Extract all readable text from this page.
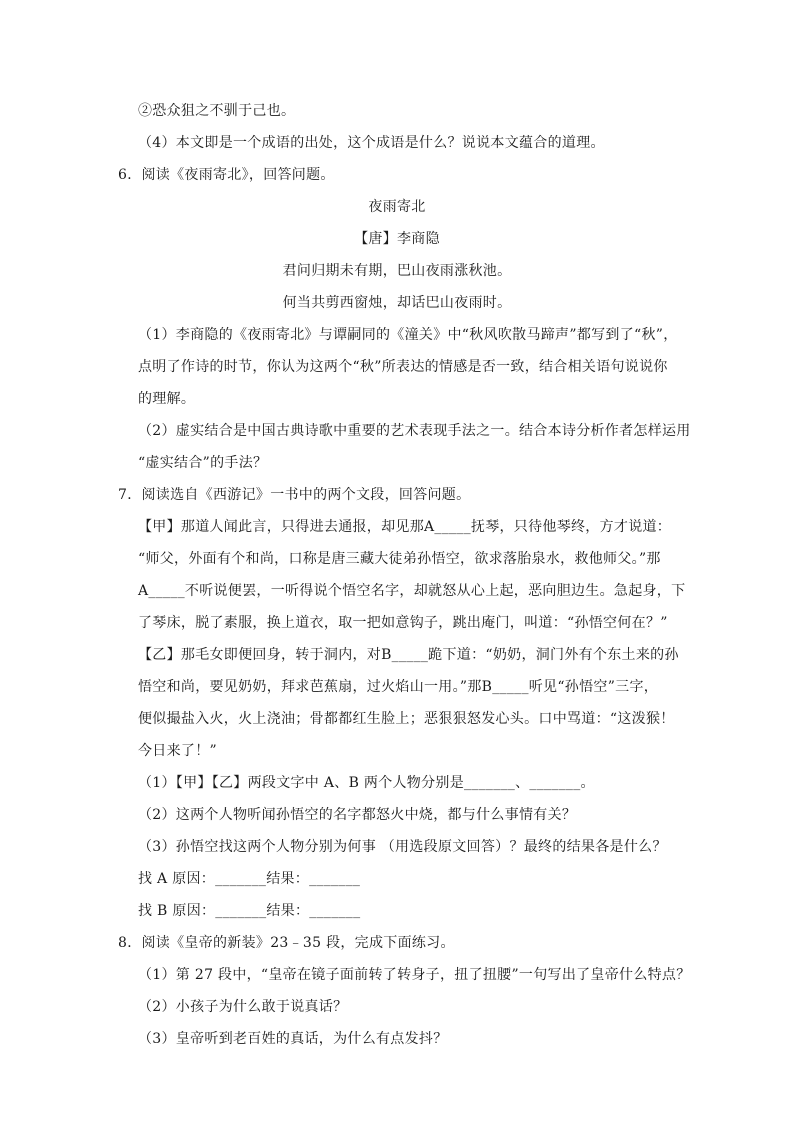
②恐众狙之不驯于己也。
（4）本文即是一个成语的出处，这个成语是什么？说说本文蕴合的道理。
6．阅读《夜雨寄北》，回答问题。
夜雨寄北
【唐】李商隐
君问归期未有期，巴山夜雨涨秋池。
何当共剪西窗烛，却话巴山夜雨时。
（1）李商隐的《夜雨寄北》与谭嗣同的《潼关》中“秋风吹散马蹄声”都写到了“秋”，
点明了作诗的时节，你认为这两个“秋”所表达的情感是否一致，结合相关语句说说你
的理解。
（2）虚实结合是中国古典诗歌中重要的艺术表现手法之一。结合本诗分析作者怎样运用
“虚实结合”的手法？
7．阅读选自《西游记》一书中的两个文段，回答问题。
【甲】那道人闻此言，只得进去通报，却见那A_____抚琴，只待他琴终，方才说道：
“师父，外面有个和尚，口称是唐三藏大徒弟孙悟空，欲求落胎泉水，救他师父。”那
A_____不听说便罢，一听得说个悟空名字，却就怒从心上起，恶向胆边生。急起身，下
了琴床，脱了素服，换上道衣，取一把如意钩子，跳出庵门，叫道：“孙悟空何在？”
【乙】那毛女即便回身，转于洞内，对B_____跪下道：“奶奶，洞门外有个东土来的孙
悟空和尚，要见奶奶，拜求芭蕉扇，过火焰山一用。”那B_____听见“孙悟空”三字，
便似撮盐入火，火上浇油；骨都都红生脸上；恶狠狠怒发心头。口中骂道：“这泼猴！
今日来了！”
（1）【甲】【乙】两段文字中 A、B 两个人物分别是_______、_______。
（2）这两个人物听闻孙悟空的名字都怒火中烧，都与什么事情有关？
（3）孙悟空找这两个人物分别为何事 （用选段原文回答）？最终的结果各是什么？
找 A 原因：_______结果：_______
找 B 原因：_______结果：_______
8．阅读《皇帝的新装》23﹣35 段，完成下面练习。
（1）第 27 段中，“皇帝在镜子面前转了转身子，扭了扭腰”一句写出了皇帝什么特点？
（2）小孩子为什么敢于说真话？
（3）皇帝听到老百姓的真话，为什么有点发抖？
